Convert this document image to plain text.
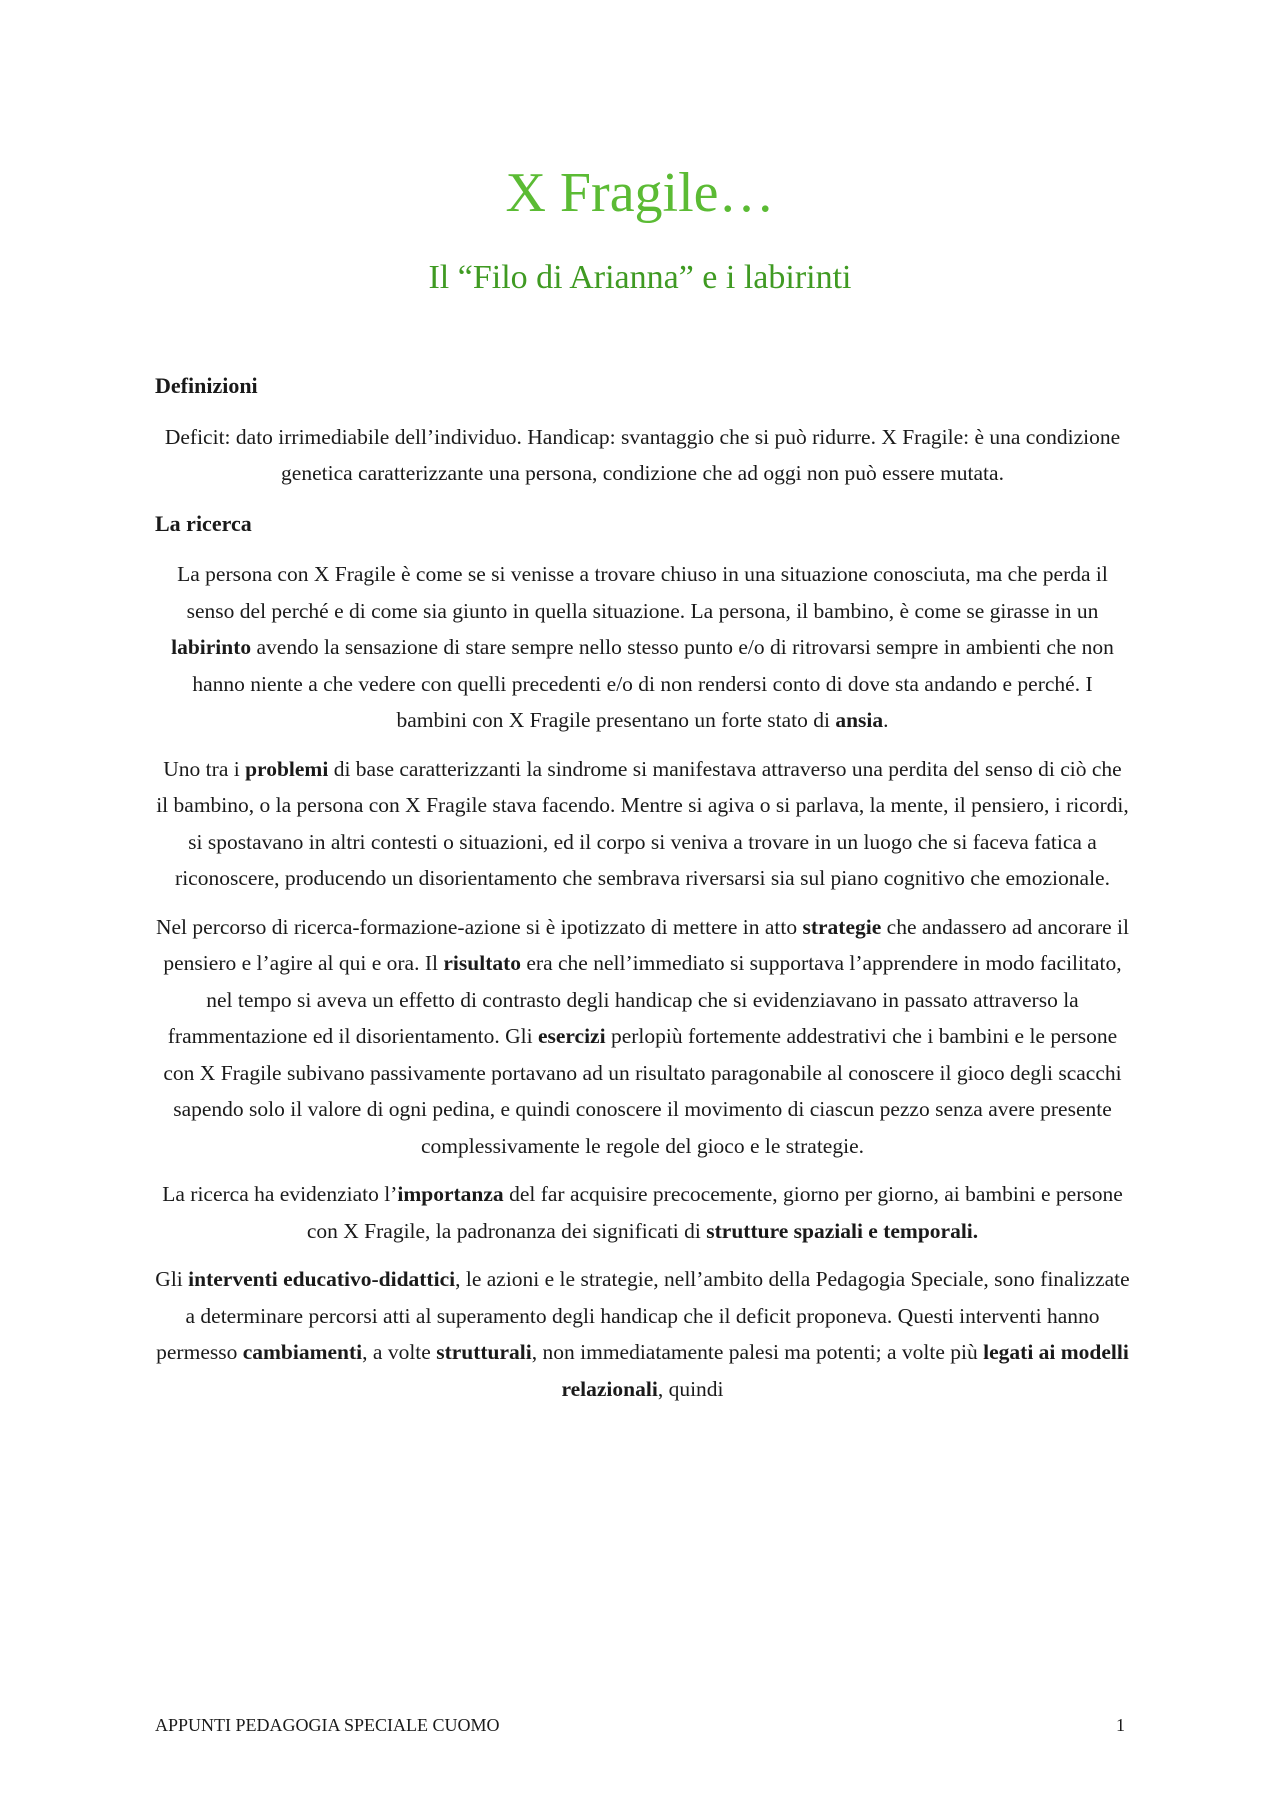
X Fragile…
Il “Filo di Arianna” e i labirinti
Definizioni

Deficit: dato irrimediabile dell’individuo. Handicap: svantaggio che si può ridurre. X Fragile: è una condizione genetica caratterizzante una persona, condizione che ad oggi non può essere mutata.

La ricerca

La persona con X Fragile è come se si venisse a trovare chiuso in una situazione conosciuta, ma che perda il senso del perché e di come sia giunto in quella situazione. La persona, il bambino, è come se girasse in un labirinto avendo la sensazione di stare sempre nello stesso punto e/o di ritrovarsi sempre in ambienti che non hanno niente a che vedere con quelli precedenti e/o di non rendersi conto di dove sta andando e perché. I bambini con X Fragile presentano un forte stato di ansia.

Uno tra i problemi di base caratterizzanti la sindrome si manifestava attraverso una perdita del senso di ciò che il bambino, o la persona con X Fragile stava facendo. Mentre si agiva o si parlava, la mente, il pensiero, i ricordi, si spostavano in altri contesti o situazioni, ed il corpo si veniva a trovare in un luogo che si faceva fatica a riconoscere, producendo un disorientamento che sembrava riversarsi sia sul piano cognitivo che emozionale.

Nel percorso di ricerca-formazione-azione si è ipotizzato di mettere in atto strategie che andassero ad ancorare il pensiero e l’agire al qui e ora. Il risultato era che nell’immediato si supportava l’apprendere in modo facilitato, nel tempo si aveva un effetto di contrasto degli handicap che si evidenziavano in passato attraverso la frammentazione ed il disorientamento. Gli esercizi perlopiù fortemente addestrativi che i bambini e le persone con X Fragile subivano passivamente portavano ad un risultato paragonabile al conoscere il gioco degli scacchi sapendo solo il valore di ogni pedina, e quindi conoscere il movimento di ciascun pezzo senza avere presente complessivamente le regole del gioco e le strategie.

La ricerca ha evidenziato l’importanza del far acquisire precocemente, giorno per giorno, ai bambini e persone con X Fragile, la padronanza dei significati di strutture spaziali e temporali.

Gli interventi educativo-didattici, le azioni e le strategie, nell’ambito della Pedagogia Speciale, sono finalizzate a determinare percorsi atti al superamento degli handicap che il deficit proponeva. Questi interventi hanno permesso cambiamenti, a volte strutturali, non immediatamente palesi ma potenti; a volte più legati ai modelli relazionali, quindi

APPUNTI PEDAGOGIA SPECIALE CUOMO	1
